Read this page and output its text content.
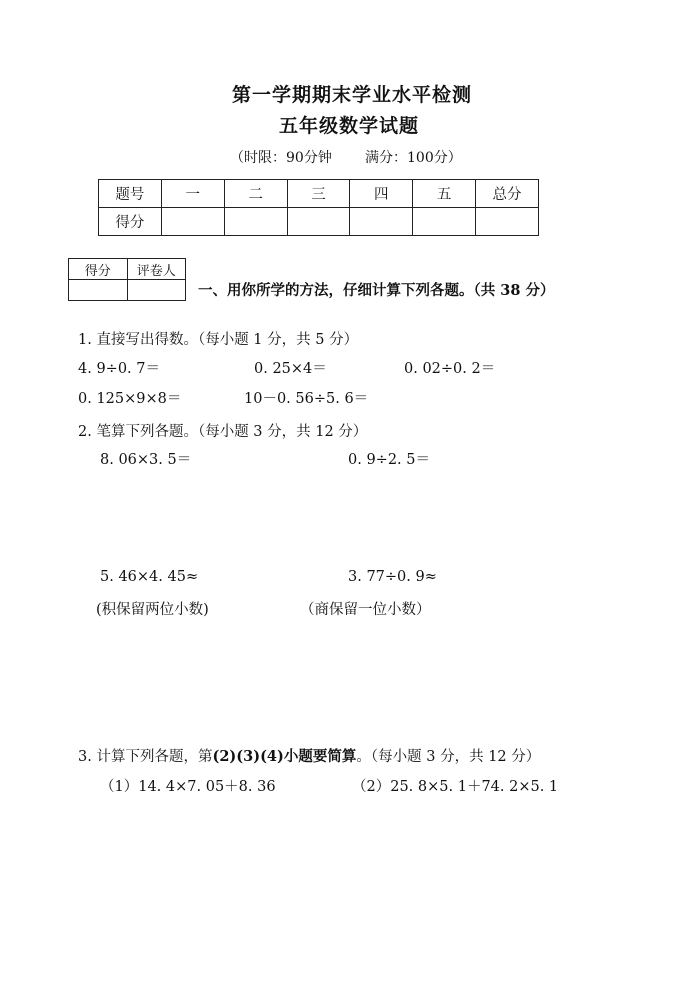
第一学期期末学业水平检测
五年级数学试题
（时限：90分钟 满分：100分）
题号	一	二	三	四	五	总分
得分						
得分	评卷人

一、用你所学的方法，仔细计算下列各题。（共 38 分）
1. 直接写出得数。（每小题 1 分，共 5 分）
4. 9÷0. 7＝	0. 25×4＝	0. 02÷0. 2＝
0. 125×9×8＝	10－0. 56÷5. 6＝
2. 笔算下列各题。（每小题 3 分，共 12 分）
8. 06×3. 5＝	0. 9÷2. 5＝
5. 46×4. 45≈	3. 77÷0. 9≈
(积保留两位小数)	（商保留一位小数）
3. 计算下列各题，第(2)(3)(4)小题要简算。（每小题 3 分，共 12 分）
（1）14. 4×7. 05＋8. 36	（2）25. 8×5. 1＋74. 2×5. 1
